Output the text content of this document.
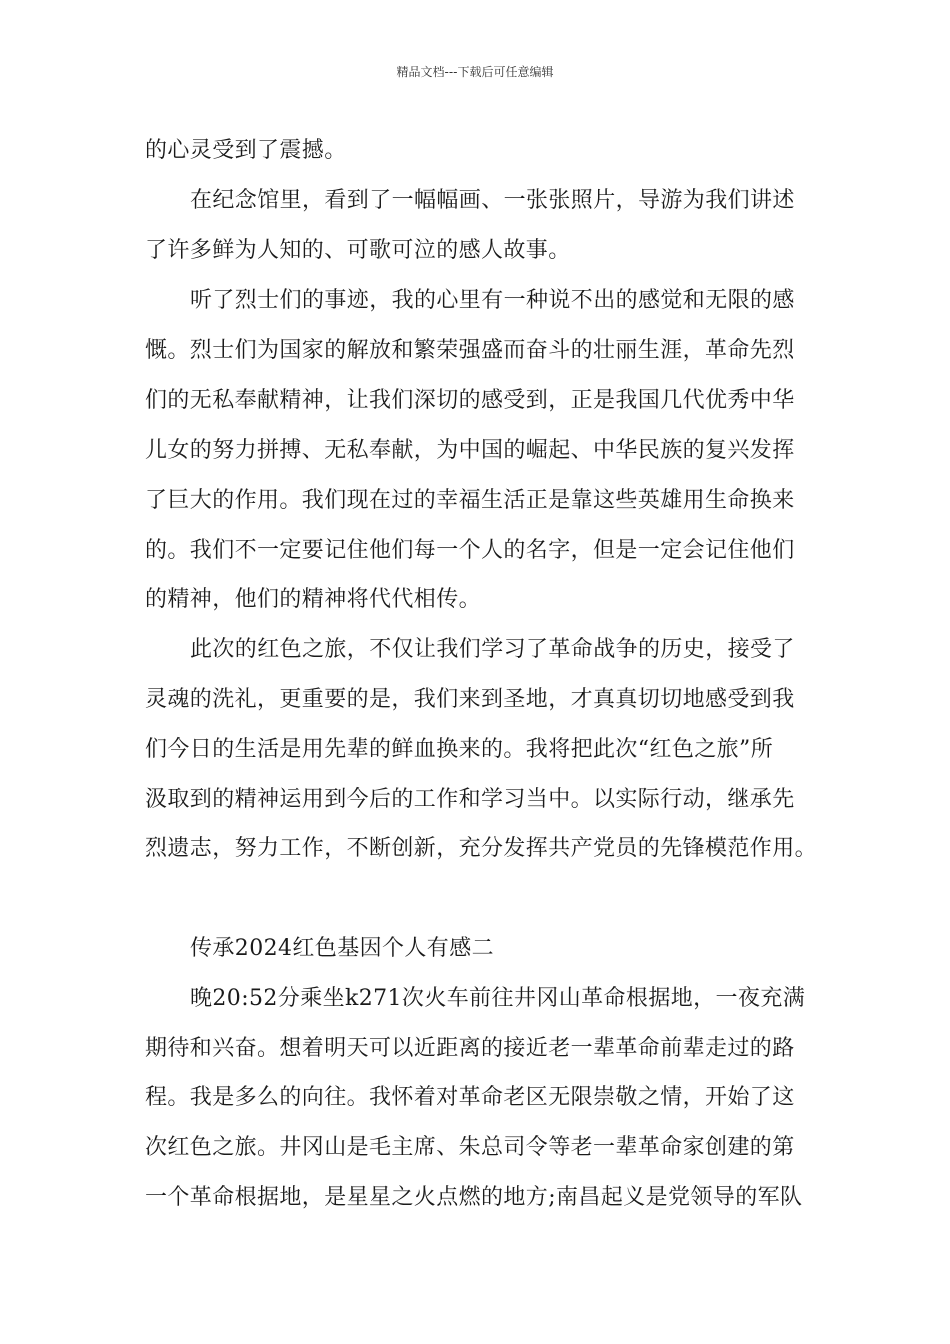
精品文档---下载后可任意编辑
的心灵受到了震撼。
在纪念馆里，看到了一幅幅画、一张张照片，导游为我们讲述
了许多鲜为人知的、可歌可泣的感人故事。
听了烈士们的事迹，我的心里有一种说不出的感觉和无限的感
慨。烈士们为国家的解放和繁荣强盛而奋斗的壮丽生涯，革命先烈
们的无私奉献精神，让我们深切的感受到，正是我国几代优秀中华
儿女的努力拼搏、无私奉献，为中国的崛起、中华民族的复兴发挥
了巨大的作用。我们现在过的幸福生活正是靠这些英雄用生命换来
的。我们不一定要记住他们每一个人的名字，但是一定会记住他们
的精神，他们的精神将代代相传。
此次的红色之旅，不仅让我们学习了革命战争的历史，接受了
灵魂的洗礼，更重要的是，我们来到圣地，才真真切切地感受到我
们今日的生活是用先辈的鲜血换来的。我将把此次“红色之旅”所
汲取到的精神运用到今后的工作和学习当中。以实际行动，继承先
烈遗志，努力工作，不断创新，充分发挥共产党员的先锋模范作用。
传承2024红色基因个人有感二
晚20:52分乘坐k271次火车前往井冈山革命根据地，一夜充满
期待和兴奋。想着明天可以近距离的接近老一辈革命前辈走过的路
程。我是多么的向往。我怀着对革命老区无限崇敬之情，开始了这
次红色之旅。井冈山是毛主席、朱总司令等老一辈革命家创建的第
一个革命根据地，是星星之火点燃的地方;南昌起义是党领导的军队
